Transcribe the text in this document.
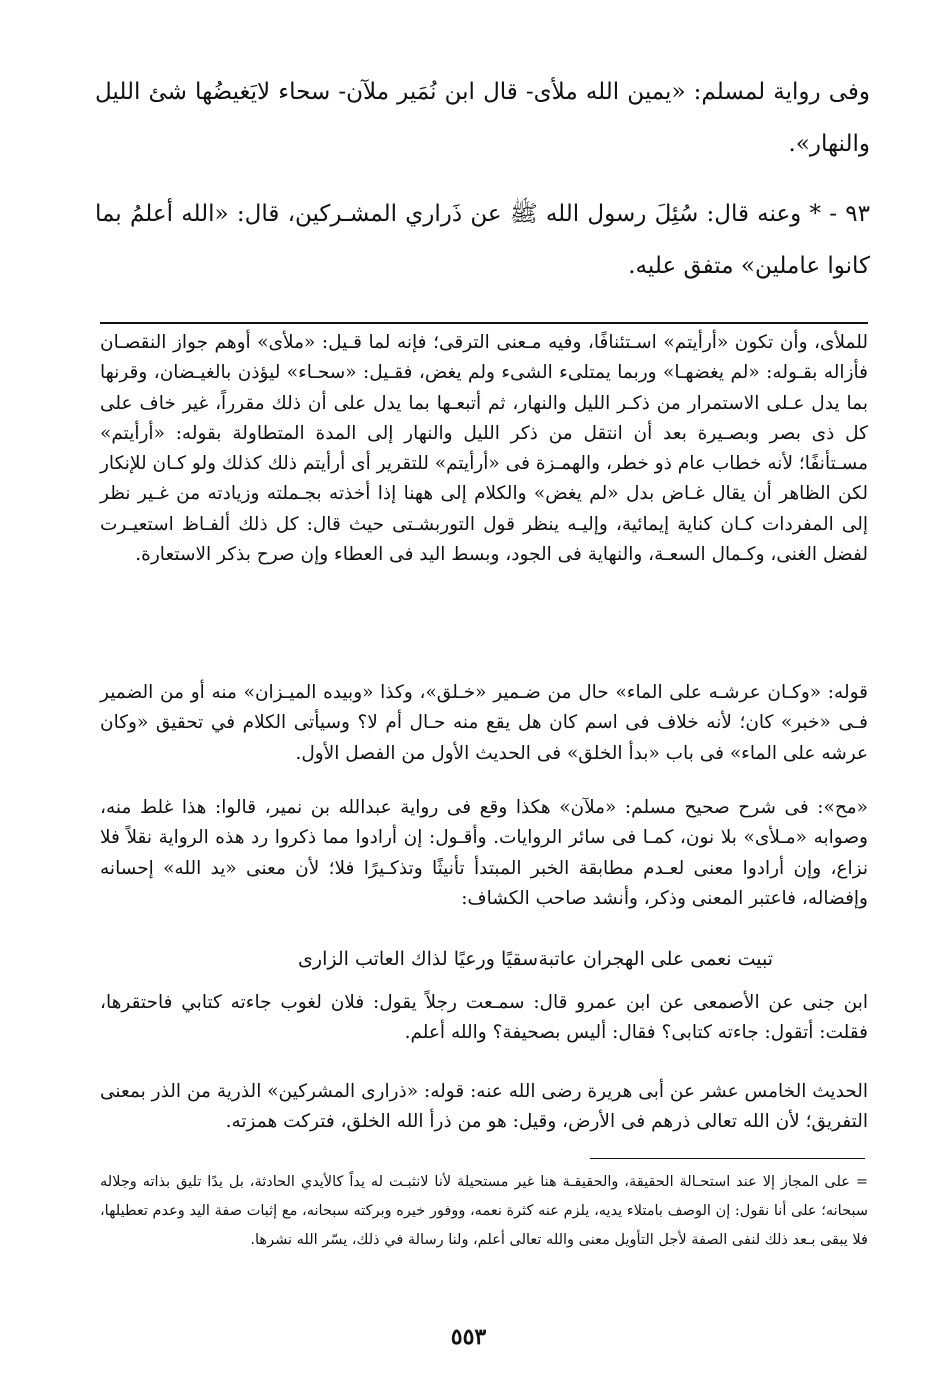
وفى رواية لمسلم: «يمين الله ملأى- قال ابن نُمَير ملآن- سحاء لايَغيضُها شئ الليل والنهار».

٩٣ - * وعنه قال: سُئِلَ رسول الله ﷺ عن ذَراري المشـركين، قال: «الله أعلمُ بما كانوا عاملين» متفق عليه.

للملأى، وأن تكون «أرأيتم» اسـتئنافًا، وفيه مـعنى الترقى؛ فإنه لما قـيل: «ملأى» أوهم جواز النقصـان فأزاله بقـوله: «لم يغضهـا» وربما يمتلىء الشىء ولم يغض، فقـيل: «سحـاء» ليؤذن بالغيـضان، وقرنها بما يدل عـلى الاستمرار من ذكـر الليل والنهار، ثم أتبعـها بما يدل على أن ذلك مقرراً، غير خاف على كل ذى بصر وبصـيرة بعد أن انتقل من ذكر الليل والنهار إلى المدة المتطاولة بقوله: «أرأيتم» مسـتأنفًا؛ لأنه خطاب عام ذو خطر، والهمـزة فى «أرأيتم» للتقرير أى أرأيتم ذلك كذلك ولو كـان للإنكار لكن الظاهر أن يقال غـاض بدل «لم يغض» والكلام إلى ههنا إذا أخذته بجـملته وزيادته من غـير نظر إلى المفردات كـان كناية إيمائية، وإليـه ينظر قول التوربشـتى حيث قال: كل ذلك ألفـاظ استعيـرت لفضل الغنى، وكـمال السعـة، والنهاية فى الجود، وبسط اليد فى العطاء وإن صرح بذكر الاستعارة.

قوله: «وكـان عرشـه على الماء» حال من ضـمير «خـلق»، وكذا «وبيده الميـزان» منه أو من الضمير فـى «خبر» كان؛ لأنه خلاف فى اسم كان هل يقع منه حـال أم لا؟ وسيأتى الكلام في تحقيق «وكان عرشه على الماء» فى باب «بدأ الخلق» فى الحديث الأول من الفصل الأول.

«مح»: فى شرح صحيح مسلم: «ملآن» هكذا وقع فى رواية عبدالله بن نمير، قالوا: هذا غلط منه، وصوابه «مـلأى» بلا نون، كمـا فى سائر الروايات. وأقـول: إن أرادوا مما ذكروا رد هذه الرواية نقلاً فلا نزاع، وإن أرادوا معنى لعـدم مطابقة الخبر المبتدأ تأنيثًا وتذكـيرًا فلا؛ لأن معنى «يد الله» إحسانه وإفضاله، فاعتبر المعنى وذكر، وأنشد صاحب الكشاف:

تبيت نعمى على الهجران عاتبة
سقيًا ورعيًا لذاك العاتب الزارى

ابن جنى عن الأصمعى عن ابن عمرو قال: سمـعت رجلاً يقول: فلان لغوب جاءته كتابي فاحتقرها، فقلت: أتقول: جاءته كتابى؟ فقال: أليس بصحيفة؟ والله أعلم.

الحديث الخامس عشر عن أبى هريرة رضى الله عنه: قوله: «ذرارى المشركين» الذرية من الذر بمعنى التفريق؛ لأن الله تعالى ذرهم فى الأرض، وقيل: هو من ذرأ الله الخلق، فتركت همزته.

= على المجاز إلا عند استحـالة الحقيقة، والحقيقـة هنا غير مستحيلة لأنا لانثبـت له يداً كالأيدي الحادثة، بل يدًا تليق بذاته وجلاله سبحانه؛ على أنا نقول: إن الوصف بامتلاء يديه، يلزم عنه كثرة نعمه، ووفور خيره وبركته سبحانه، مع إثبات صفة اليد وعدم تعطيلها، فلا يبقى بـعد ذلك لنفى الصفة لأجل التأويل معنى والله تعالى أعلم، ولنا رسالة في ذلك، يسّر الله نشرها.

٥٥٣
